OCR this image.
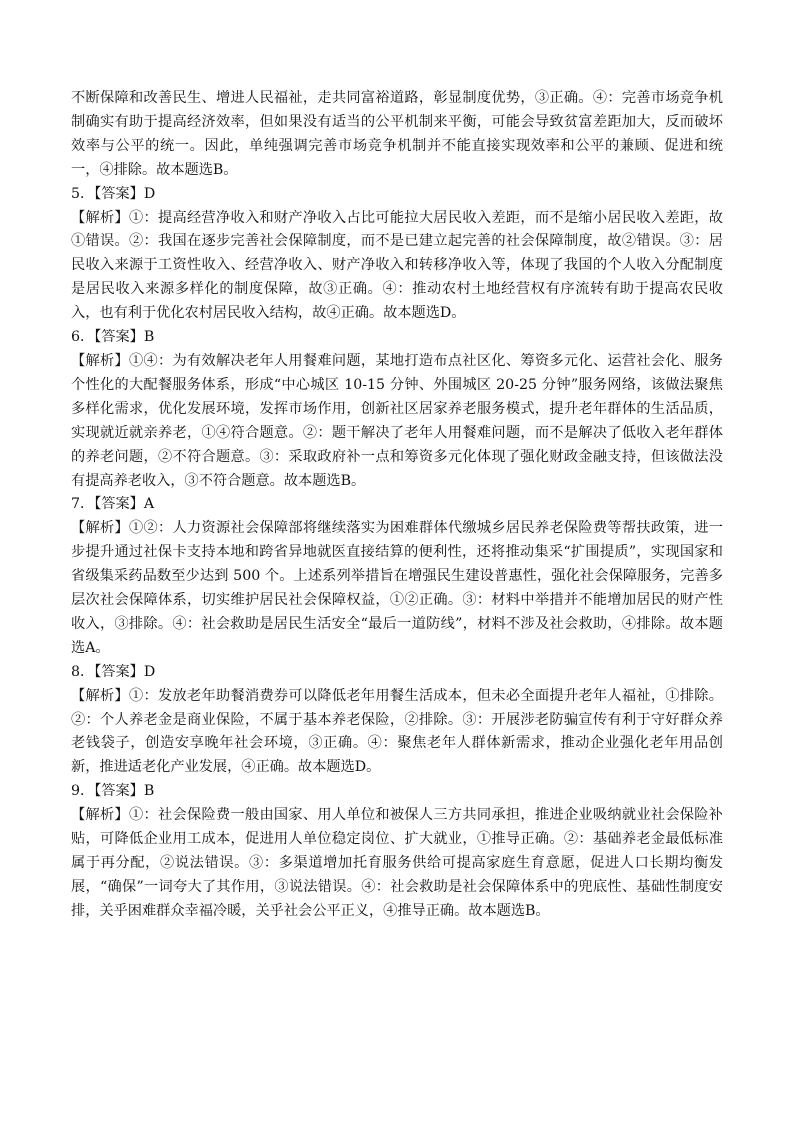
不断保障和改善民生、增进人民福祉，走共同富裕道路，彰显制度优势，③正确。④：完善市场竞争机制确实有助于提高经济效率，但如果没有适当的公平机制来平衡，可能会导致贫富差距加大，反而破坏效率与公平的统一。因此，单纯强调完善市场竞争机制并不能直接实现效率和公平的兼顾、促进和统一，④排除。故本题选B。

5．【答案】D

【解析】①：提高经营净收入和财产净收入占比可能拉大居民收入差距，而不是缩小居民收入差距，故①错误。②：我国在逐步完善社会保障制度，而不是已建立起完善的社会保障制度，故②错误。③：居民收入来源于工资性收入、经营净收入、财产净收入和转移净收入等，体现了我国的个人收入分配制度是居民收入来源多样化的制度保障，故③正确。④：推动农村土地经营权有序流转有助于提高农民收入，也有利于优化农村居民收入结构，故④正确。故本题选D。

6．【答案】B

【解析】①④：为有效解决老年人用餐难问题，某地打造布点社区化、筹资多元化、运营社会化、服务个性化的大配餐服务体系，形成“中心城区 10-15 分钟、外围城区 20-25 分钟”服务网络，该做法聚焦多样化需求，优化发展环境，发挥市场作用，创新社区居家养老服务模式，提升老年群体的生活品质，实现就近就亲养老，①④符合题意。②：题干解决了老年人用餐难问题，而不是解决了低收入老年群体的养老问题，②不符合题意。③：采取政府补一点和筹资多元化体现了强化财政金融支持，但该做法没有提高养老收入，③不符合题意。故本题选B。

7．【答案】A

【解析】①②：人力资源社会保障部将继续落实为困难群体代缴城乡居民养老保险费等帮扶政策，进一步提升通过社保卡支持本地和跨省异地就医直接结算的便利性，还将推动集采“扩围提质”，实现国家和省级集采药品数至少达到 500 个。上述系列举措旨在增强民生建设普惠性，强化社会保障服务，完善多层次社会保障体系，切实维护居民社会保障权益，①②正确。③：材料中举措并不能增加居民的财产性收入，③排除。④：社会救助是居民生活安全“最后一道防线”，材料不涉及社会救助，④排除。故本题选A。

8．【答案】D

【解析】①：发放老年助餐消费券可以降低老年用餐生活成本，但未必全面提升老年人福祉，①排除。②：个人养老金是商业保险，不属于基本养老保险，②排除。③：开展涉老防骗宣传有利于守好群众养老钱袋子，创造安享晚年社会环境，③正确。④：聚焦老年人群体新需求，推动企业强化老年用品创新，推进适老化产业发展，④正确。故本题选D。

9．【答案】B

【解析】①：社会保险费一般由国家、用人单位和被保人三方共同承担，推进企业吸纳就业社会保险补贴，可降低企业用工成本，促进用人单位稳定岗位、扩大就业，①推导正确。②：基础养老金最低标准属于再分配，②说法错误。③：多渠道增加托育服务供给可提高家庭生育意愿，促进人口长期均衡发展，“确保”一词夸大了其作用，③说法错误。④：社会救助是社会保障体系中的兜底性、基础性制度安排，关乎困难群众幸福冷暖，关乎社会公平正义，④推导正确。故本题选B。
